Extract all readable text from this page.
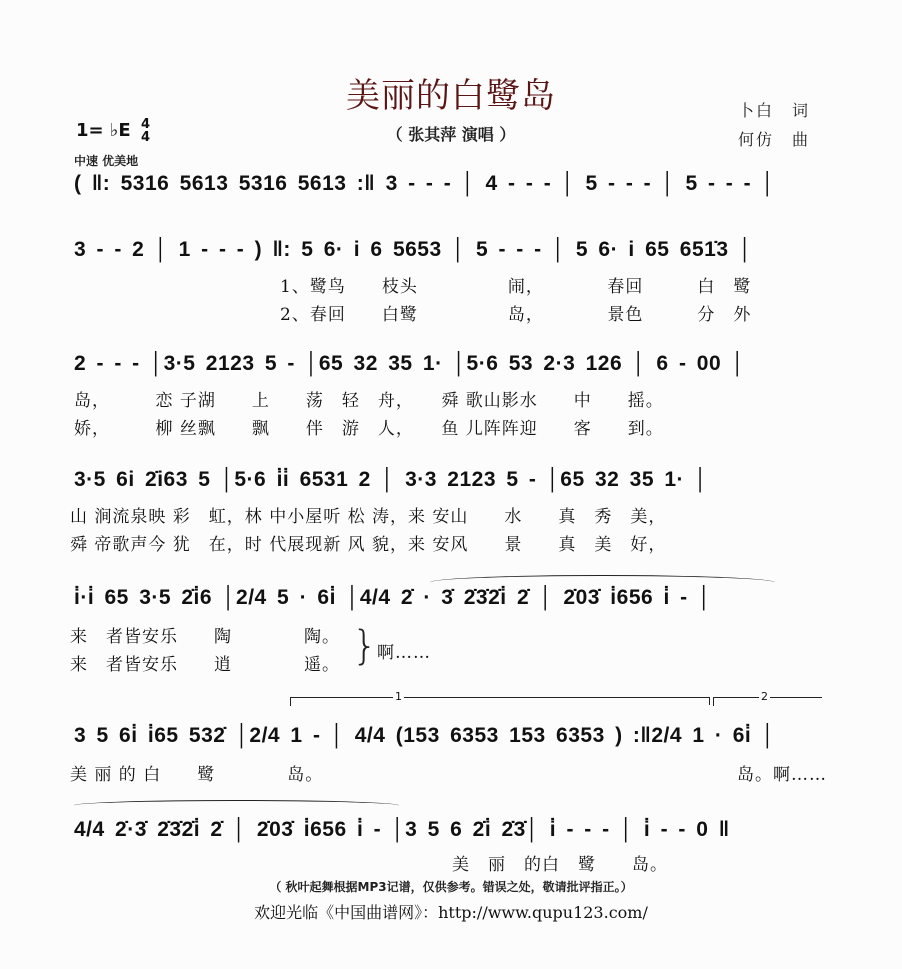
美丽的白鹭岛
（ 张其萍 演唱 ）
卜白　词
何仿　曲
1= ♭E 4
4
中速 优美地
( ‖: 5316 5613 5316 5613 :‖ 3 - - - │ 4 - - - │ 5 - - - │ 5 - - - │
3 - - 2 │ 1 - - - ) ‖: 5 6· i 6 5653 │ 5 - - - │ 5 6· i 65 651̇3 │
1、鹭鸟　　枝头　　　　　闹，　　　　春回　　　白　鹭
2、春回　　白鹭　　　　　岛，　　　　景色　　　分　外
2 - - - │3·5 2123 5 - │65 32 35 1· │5·6 53 2·3 126 │ 6 - 00 │
岛，　　　恋 子湖　　上　　荡　轻　舟，　　舜 歌山影水　　中　　摇。
娇，　　　柳 丝飘　　飘　　伴　游　人，　　鱼 儿阵阵迎　　客　　到。
3·5 6i 2̇i63 5 │5·6 i̇i̇ 6531 2 │ 3·3 2123 5 - │65 32 35 1· │
山 涧流泉映 彩　虹，林 中小屋听 松 涛，来 安山　　水　　真　秀　美，
舜 帝歌声今 犹　在，时 代展现新 风 貌，来 安风　　景　　真　美　好，
i̇·i̇ 65 3·5 2̇i̇6 │2/4 5 · 6i̇ │4/4 2̇ · 3̇ 2̇3̇2̇i̇ 2̇ │ 2̇03̇ i̇656 i̇ - │
来　者皆安乐　　陶　　　　陶。
来　者皆安乐　　逍　　　　遥。 } 啊……
1	2
3 5 6i̇ i̇65 532̇ │2/4 1 - │ 4/4 (153 6353 153 6353 ) :‖2/4 1 · 6i̇ │
美 丽 的 白　　鹭　　　　岛。	岛。啊……
4/4 2̇·3̇ 2̇3̇2̇i̇ 2̇ │ 2̇03̇ i̇656 i̇ - │3 5 6 2̇i̇ 2̇3̇│ i̇ - - - │ i̇ - - 0 ‖
美　丽　的白　鹭　　岛。
（ 秋叶起舞根据MP3记谱，仅供参考。错误之处，敬请批评指正。）
欢迎光临《中国曲谱网》：http://www.qupu123.com/
